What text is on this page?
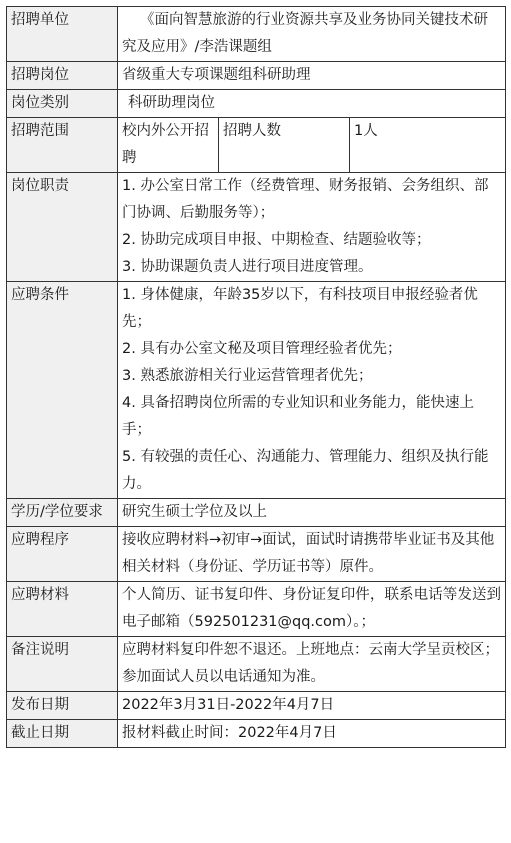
招聘单位	《面向智慧旅游的行业资源共享及业务协同关键技术研究及应用》/李浩课题组		
招聘岗位	省级重大专项课题组科研助理		
岗位类别	科研助理岗位		
招聘范围	校内外公开招聘	招聘人数	1人
岗位职责	1. 办公室日常工作（经费管理、财务报销、会务组织、部门协调、后勤服务等）；
2. 协助完成项目申报、中期检查、结题验收等；
3. 协助课题负责人进行项目进度管理。		

应聘条件	1. 身体健康，年龄35岁以下，有科技项目申报经验者优先；
2. 具有办公室文秘及项目管理经验者优先；
3. 熟悉旅游相关行业运营管理者优先；
4. 具备招聘岗位所需的专业知识和业务能力，能快速上手；
5. 有较强的责任心、沟通能力、管理能力、组织及执行能力。		

学历/学位要求	研究生硕士学位及以上		
应聘程序	接收应聘材料→初审→面试，面试时请携带毕业证书及其他相关材料（身份证、学历证书等）原件。		
应聘材料	个人简历、证书复印件、身份证复印件，联系电话等发送到电子邮箱（592501231@qq.com）。；		
备注说明	应聘材料复印件恕不退还。上班地点：云南大学呈贡校区；参加面试人员以电话通知为准。		
发布日期	2022年3月31日-2022年4月7日		
截止日期	报材料截止时间：2022年4月7日		
